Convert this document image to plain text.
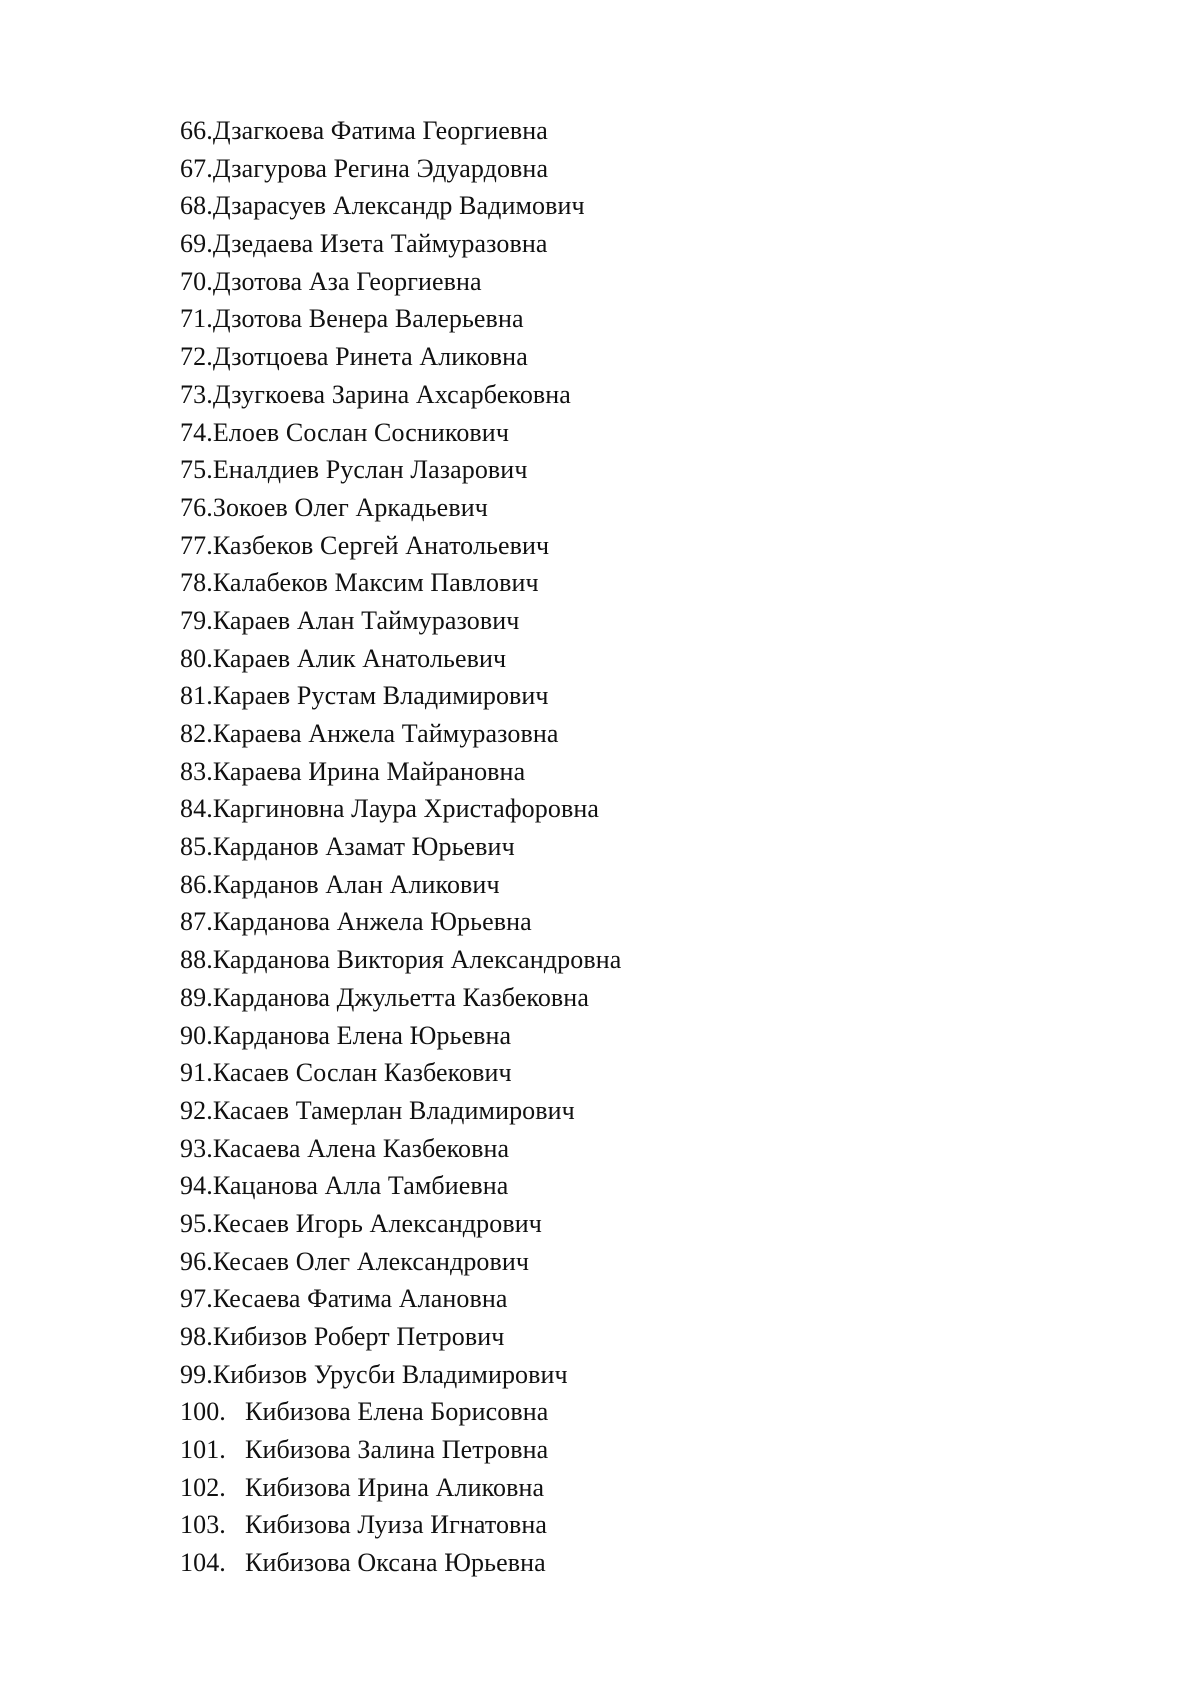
66. Дзагкоева Фатима Георгиевна
67. Дзагурова Регина Эдуардовна
68. Дзарасуев Александр Вадимович
69. Дзедаева Изета Таймуразовна
70. Дзотова Аза Георгиевна
71. Дзотова Венера Валерьевна
72. Дзотцоева Ринета Аликовна
73. Дзугкоева Зарина Ахсарбековна
74. Елоев Сослан Сосникович
75. Еналдиев Руслан Лазарович
76. Зокоев Олег Аркадьевич
77. Казбеков Сергей Анатольевич
78. Калабеков Максим Павлович
79. Караев Алан Таймуразович
80. Караев Алик Анатольевич
81. Караев Рустам Владимирович
82. Караева Анжела Таймуразовна
83. Караева Ирина Майрановна
84. Каргиновна Лаура Христафоровна
85. Карданов Азамат Юрьевич
86. Карданов Алан Аликович
87. Карданова Анжела Юрьевна
88. Карданова Виктория Александровна
89. Карданова Джульетта Казбековна
90. Карданова Елена Юрьевна
91. Касаев Сослан Казбекович
92. Касаев Тамерлан Владимирович
93. Касаева Алена Казбековна
94. Кацанова Алла Тамбиевна
95. Кесаев Игорь Александрович
96. Кесаев Олег Александрович
97. Кесаева Фатима Алановна
98. Кибизов Роберт Петрович
99. Кибизов Урусби Владимирович
100. Кибизова Елена Борисовна
101. Кибизова Залина Петровна
102. Кибизова Ирина Аликовна
103. Кибизова Луиза Игнатовна
104. Кибизова Оксана Юрьевна
